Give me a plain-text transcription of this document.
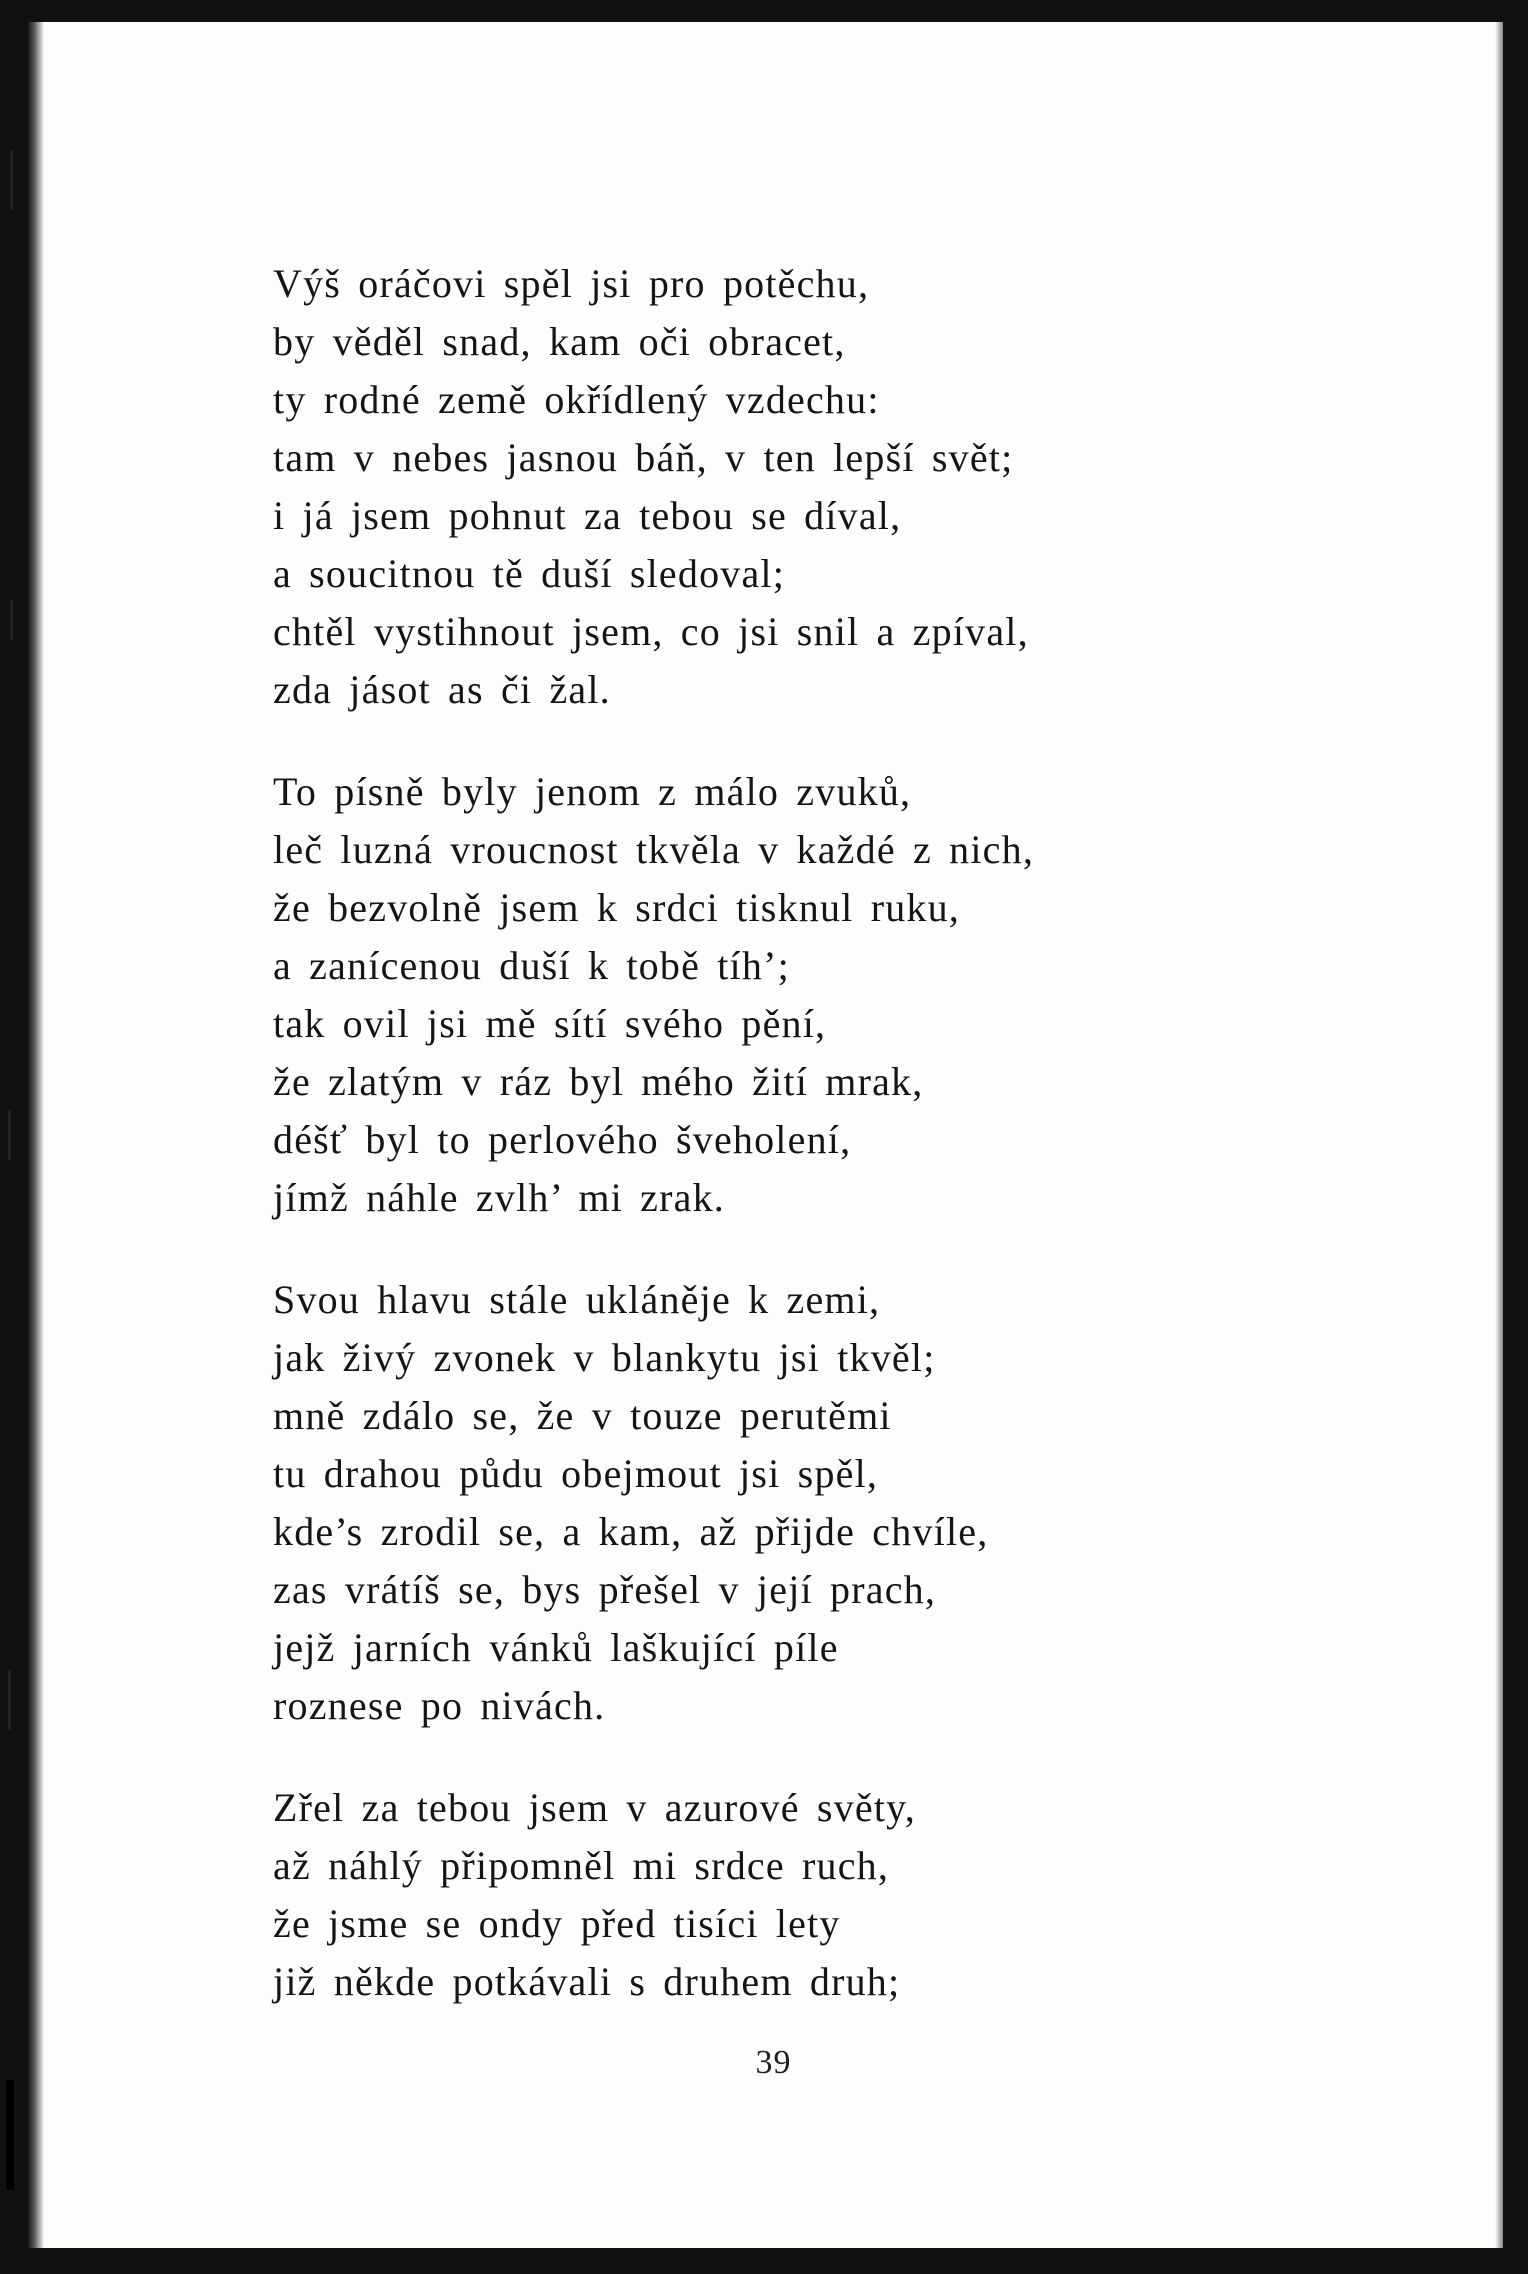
Výš oráčovi spěl jsi pro potěchu,
by věděl snad, kam oči obracet,
ty rodné země okřídlený vzdechu:
tam v nebes jasnou báň, v ten lepší svět;
i já jsem pohnut za tebou se díval,
a soucitnou tě duší sledoval;
chtěl vystihnout jsem, co jsi snil a zpíval,
zda jásot as či žal.
To písně byly jenom z málo zvuků,
leč luzná vroucnost tkvěla v každé z nich,
že bezvolně jsem k srdci tisknul ruku,
a zanícenou duší k tobě tíh’;
tak ovil jsi mě sítí svého pění,
že zlatým v ráz byl mého žití mrak,
déšť byl to perlového šveholení,
jímž náhle zvlh’ mi zrak.
Svou hlavu stále ukláněje k zemi,
jak živý zvonek v blankytu jsi tkvěl;
mně zdálo se, že v touze perutěmi
tu drahou půdu obejmout jsi spěl,
kde’s zrodil se, a kam, až přijde chvíle,
zas vrátíš se, bys přešel v její prach,
jejž jarních vánků laškující píle
roznese po nivách.
Zřel za tebou jsem v azurové světy,
až náhlý připomněl mi srdce ruch,
že jsme se ondy před tisíci lety
již někde potkávali s druhem druh;
39
